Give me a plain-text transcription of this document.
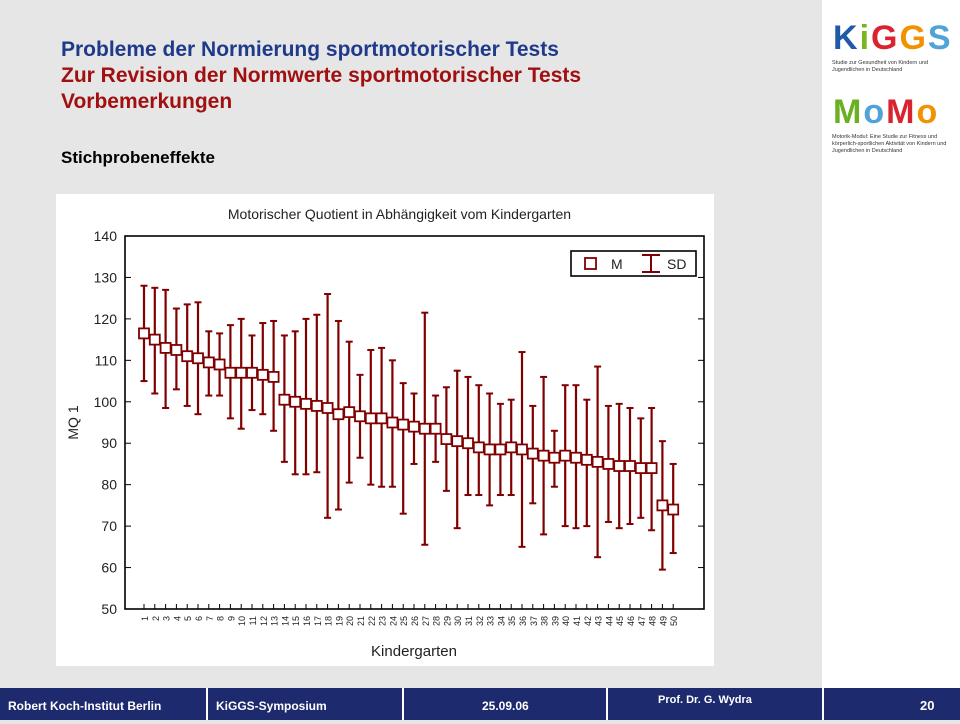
Probleme der Normierung sportmotorischer Tests
Zur Revision der Normwerte sportmotorischer Tests
Vorbemerkungen
Stichprobeneffekte
Motorischer Quotient in Abhängigkeit vom Kindergarten
50
60
70
80
90
100
110
120
130
140
MQ 1
Kindergarten
1 2 3 4 5 6 7 8 9 10 11 12 13 14 15 16 17 18 19 20 21 22 23 24 25 26 27 28 29 30 31 32 33 34 35 36 37 38 39 40 41 42 43 44 45 46 47 48 49 50
M	SD
KiGGS
Studie zur Gesundheit von Kindern und Jugendlichen in Deutschland
MoMo
Motorik-Modul: Eine Studie zur Fitness und körperlich-sportlichen Aktivität von Kindern und Jugendlichen in Deutschland
Robert Koch-Institut Berlin	KiGGS-Symposium	25.09.06	Prof. Dr. G. Wydra	20
